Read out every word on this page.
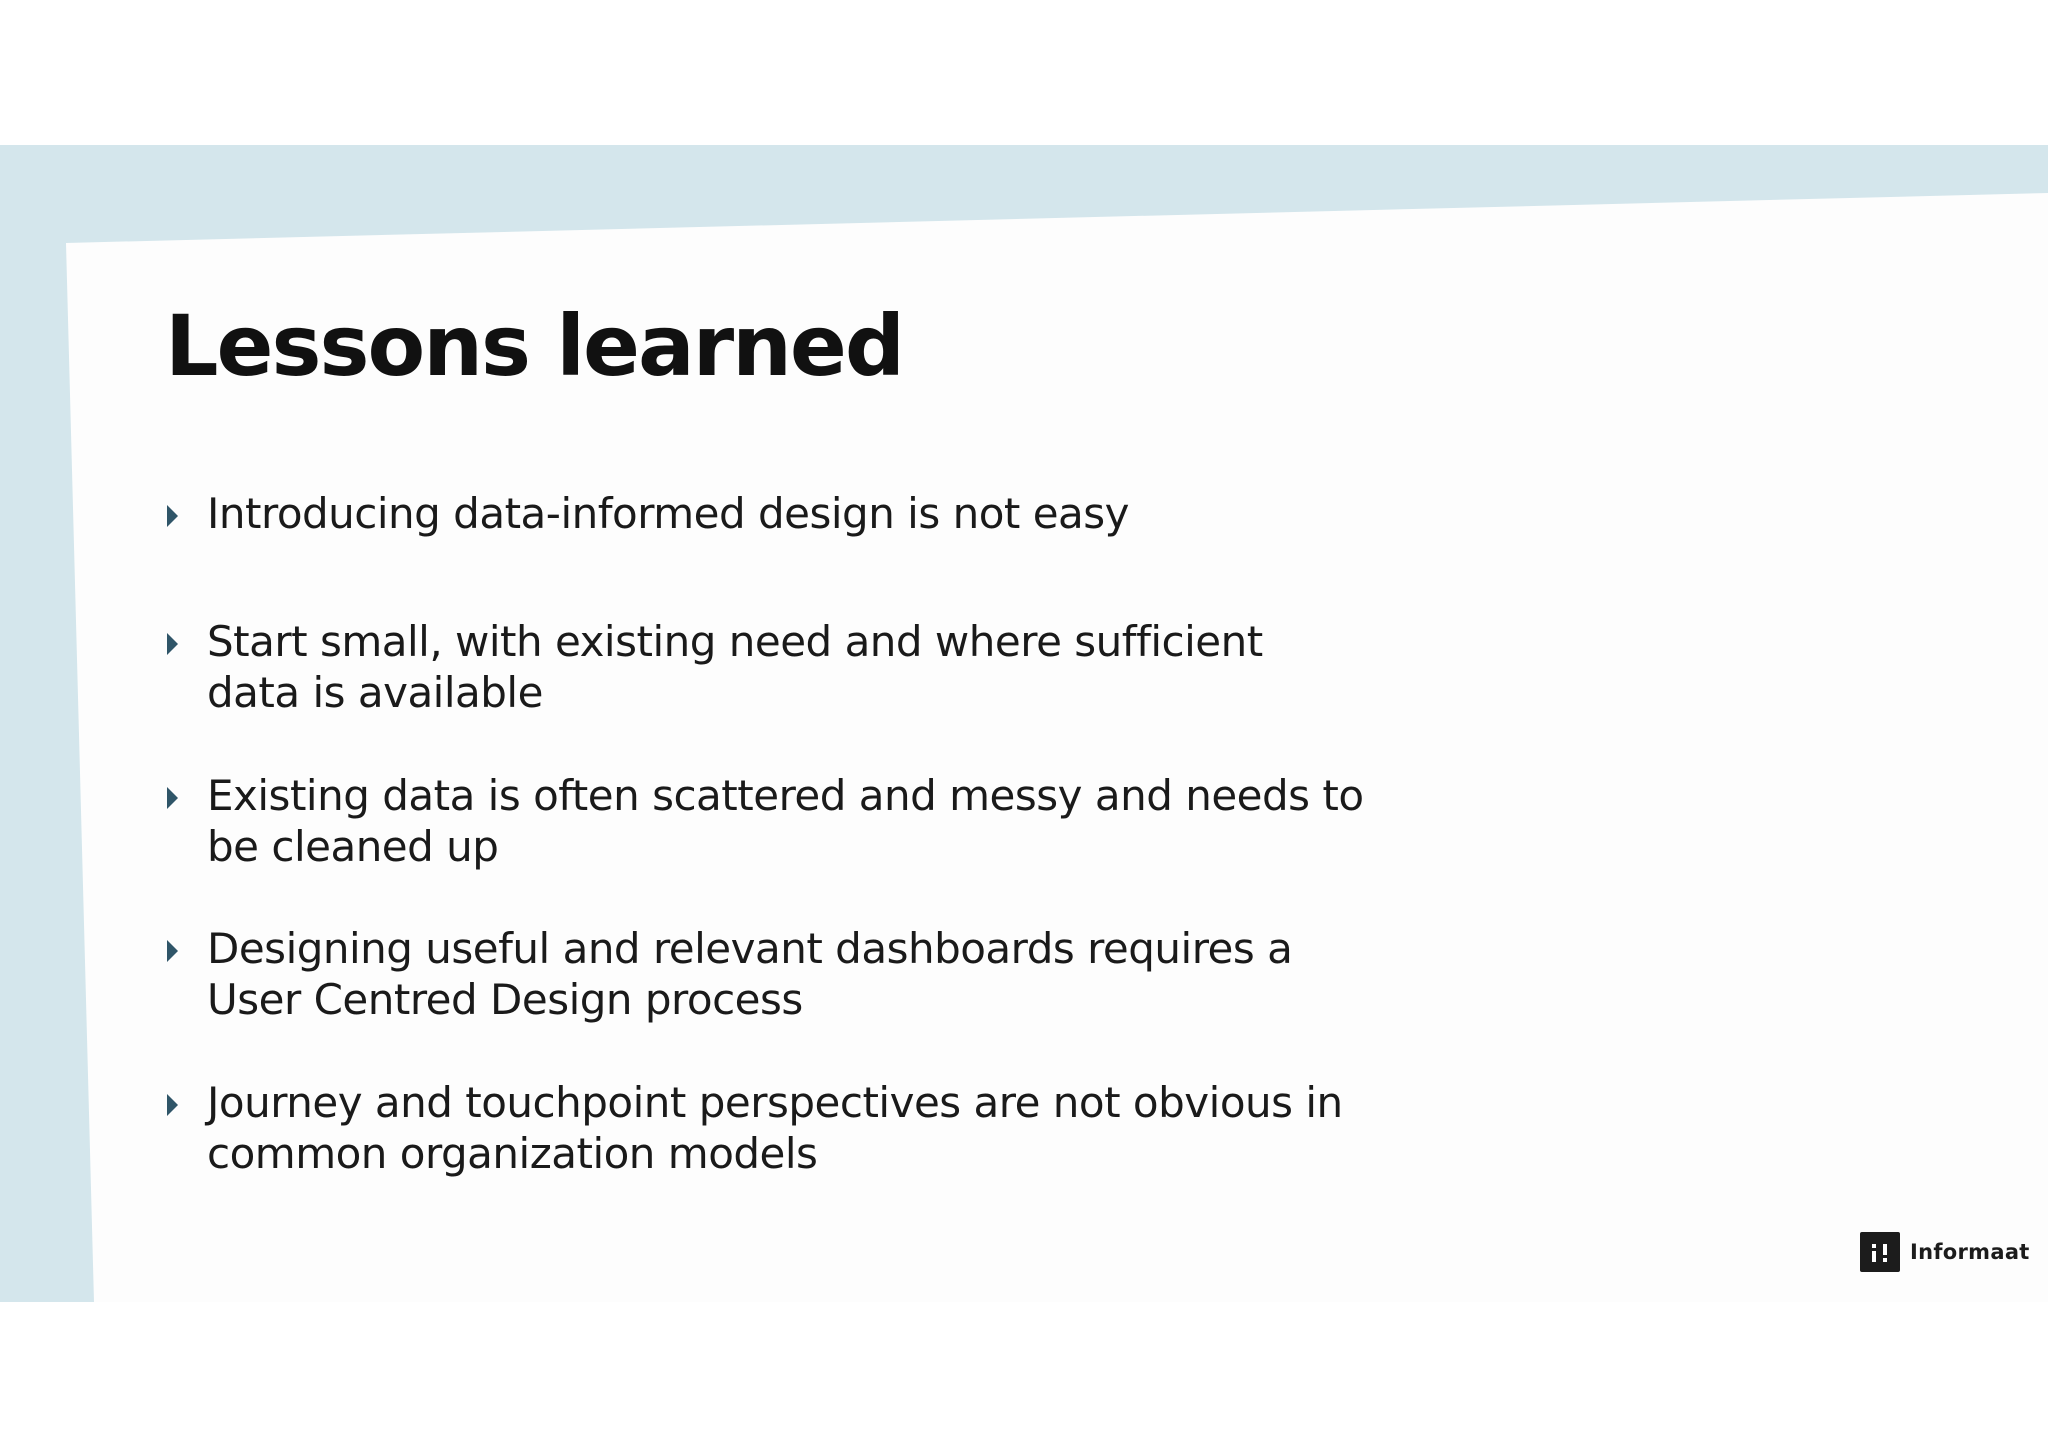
Lessons learned
Introducing data-informed design is not easy
Start small, with existing need and where sufficient data is available
Existing data is often scattered and messy and needs to be cleaned up
Designing useful and relevant dashboards requires a User Centred Design process
Journey and touchpoint perspectives are not obvious in common organization models
Informaat
